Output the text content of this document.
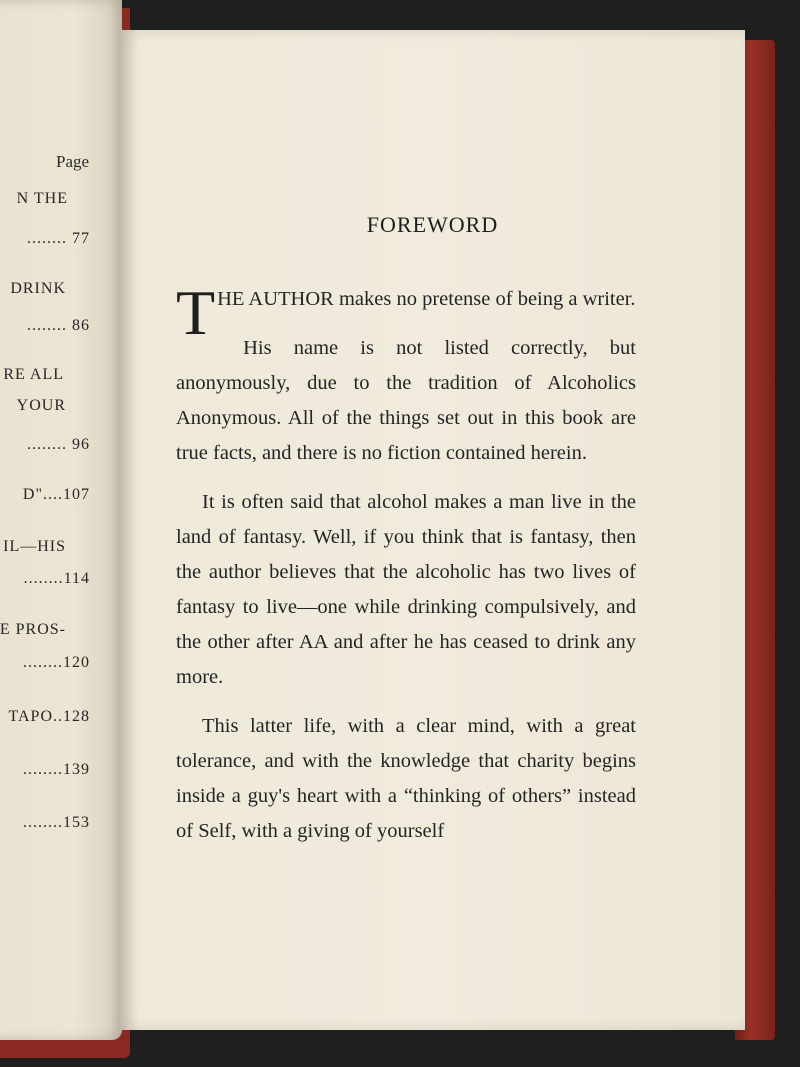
Page
N THE
........ 77
DRINK
........ 86
RE ALL
YOUR
........ 96
D"....107
IL—HIS
........114
E PROS-
........120
TAPO..128
........139
........153
FOREWORD

THE AUTHOR makes no pretense of being a writer.

His name is not listed correctly, but anonymously, due to the tradition of Alcoholics Anonymous. All of the things set out in this book are true facts, and there is no fiction contained herein.

It is often said that alcohol makes a man live in the land of fantasy. Well, if you think that is fantasy, then the author believes that the alcoholic has two lives of fantasy to live—one while drinking compulsively, and the other after AA and after he has ceased to drink any more.

This latter life, with a clear mind, with a great tolerance, and with the knowledge that charity begins inside a guy's heart with a “thinking of others” instead of Self, with a giving of yourself
